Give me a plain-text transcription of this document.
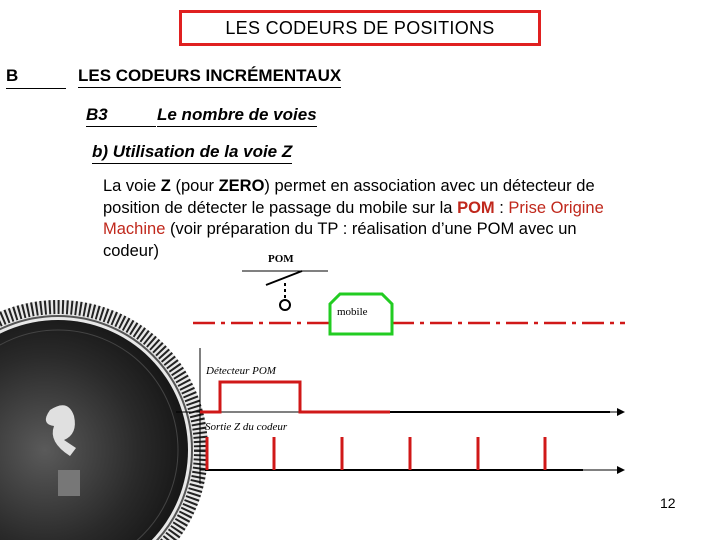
LES CODEURS DE POSITIONS
B	LES CODEURS INCRÉMENTAUX
B3	Le nombre de voies
b) Utilisation de la voie Z
La voie Z (pour ZERO) permet en association avec un détecteur de position de détecter le passage du mobile sur la POM : Prise Origine Machine (voir préparation du TP : réalisation d’une POM avec un codeur)	POM
mobile
Détecteur POM
Sortie Z du codeur
12
